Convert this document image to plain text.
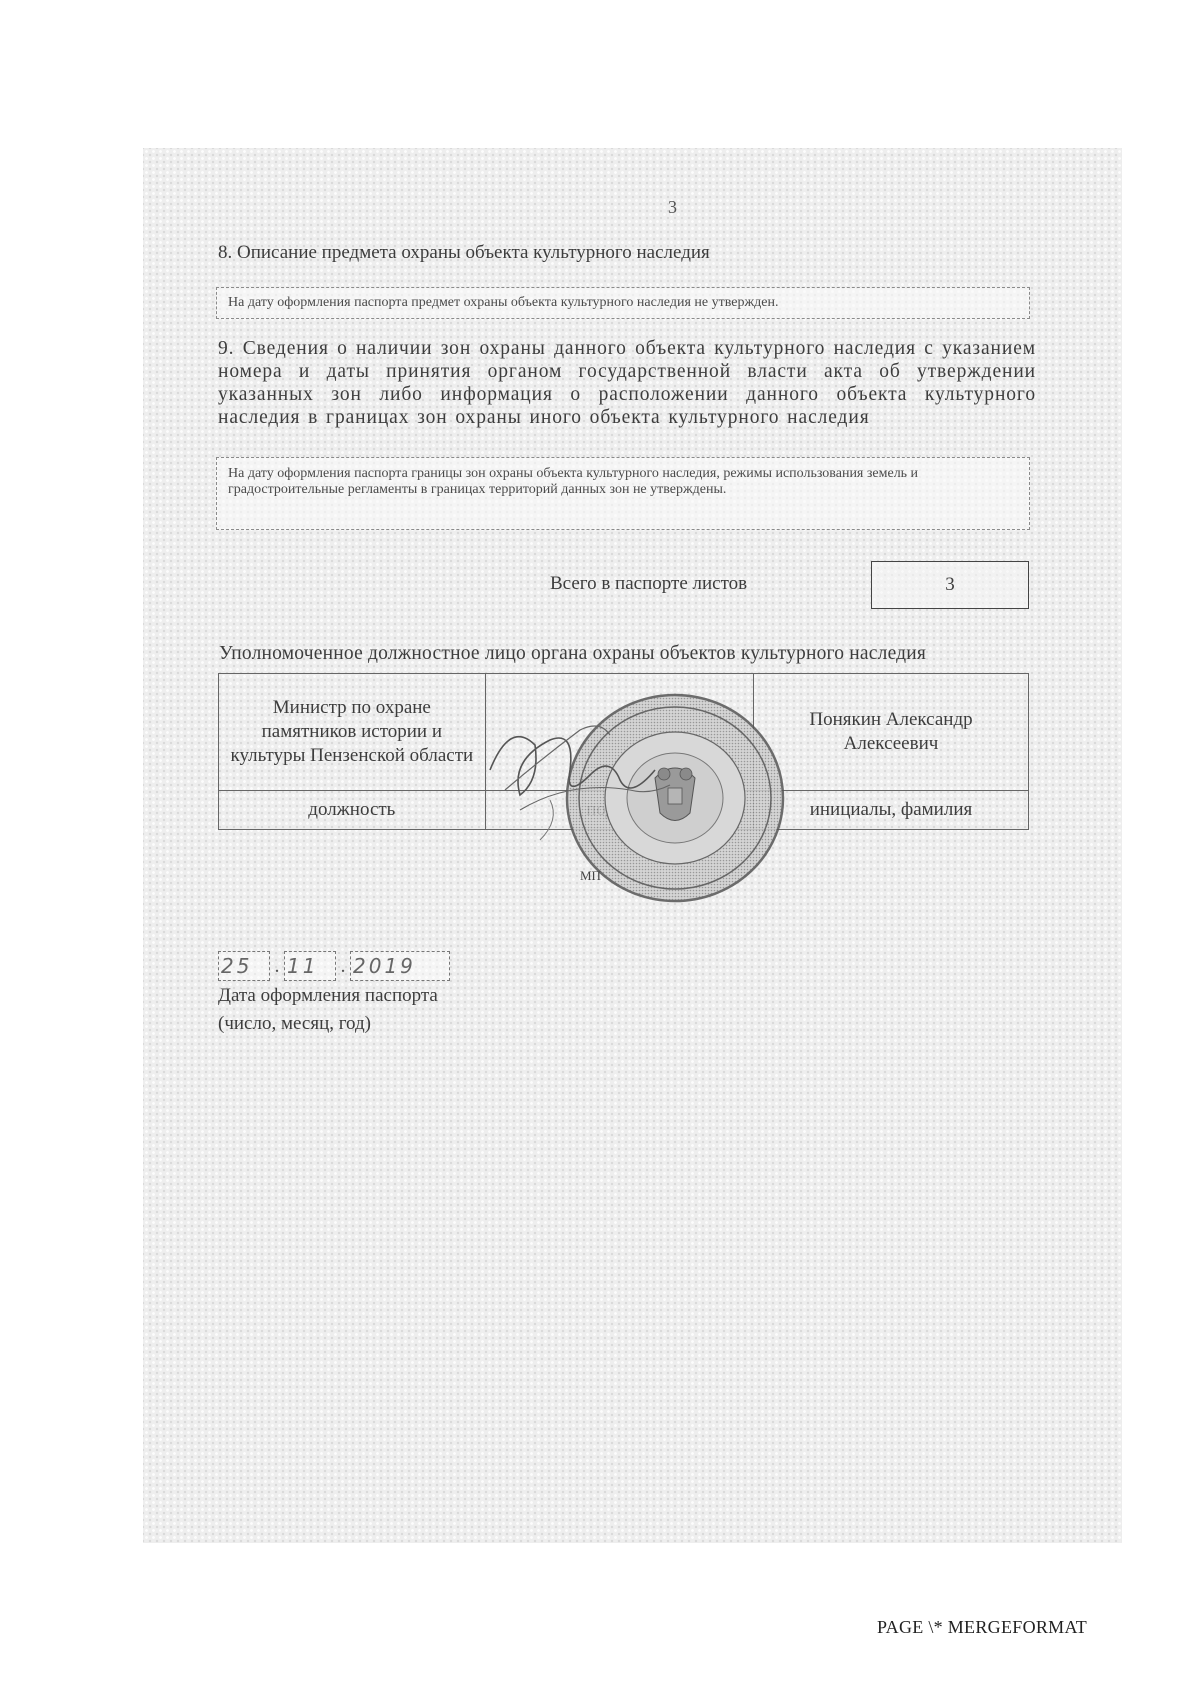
3
8. Описание предмета охраны объекта культурного наследия
На дату оформления паспорта предмет охраны объекта культурного наследия не утвержден.
9. Сведения о наличии зон охраны данного объекта культурного наследия с указанием номера и даты принятия органом государственной власти акта об утверждении указанных зон либо информация о расположении данного объекта культурного наследия в границах зон охраны иного объекта культурного наследия
На дату оформления паспорта границы зон охраны объекта культурного наследия, режимы использования земель и градостроительные регламенты в границах территорий данных зон не утверждены.
Всего в паспорте листов	3
Уполномоченное должностное лицо органа охраны объектов культурного наследия
Министр по охране памятников истории и культуры Пензенской области		Понякин Александр Алексеевич
должность		инициалы, фамилия
МП
25	. 11	. 2019
Дата оформления паспорта
(число, месяц, год)
PAGE \* MERGEFORMAT
